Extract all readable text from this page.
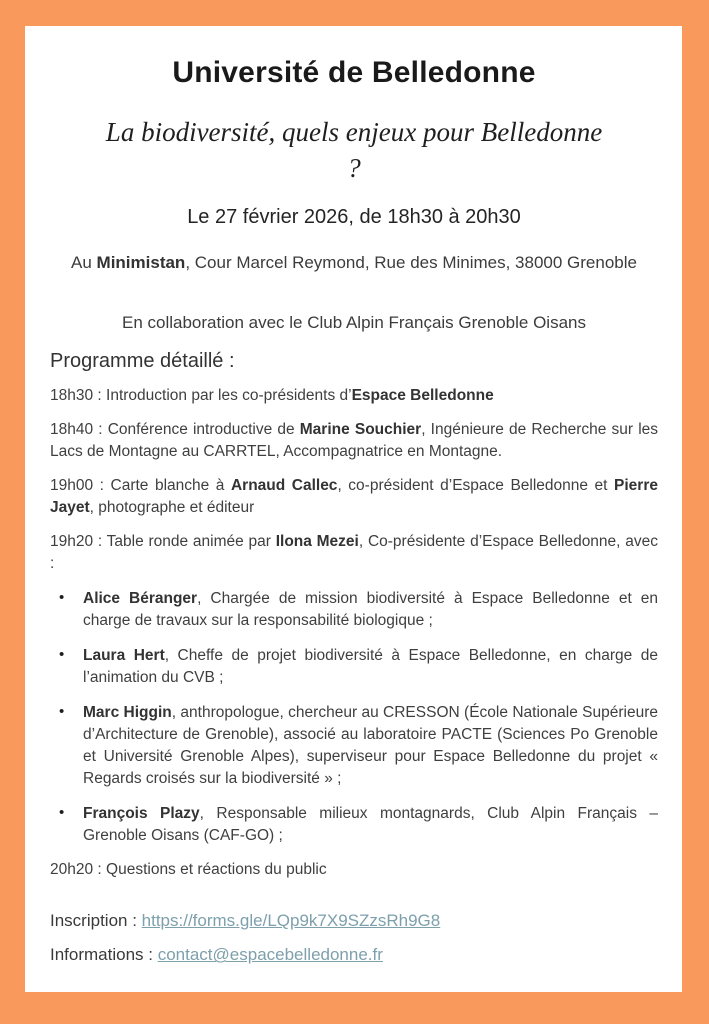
Université de Belledonne
La biodiversité, quels enjeux pour Belledonne ?
Le 27 février 2026, de 18h30 à 20h30
Au Minimistan, Cour Marcel Reymond, Rue des Minimes, 38000 Grenoble
En collaboration avec le Club Alpin Français Grenoble Oisans
Programme détaillé :

18h30 : Introduction par les co-présidents d’Espace Belledonne

18h40 : Conférence introductive de Marine Souchier, Ingénieure de Recherche sur les Lacs de Montagne au CARRTEL, Accompagnatrice en Montagne.

19h00 : Carte blanche à Arnaud Callec, co-président d’Espace Belledonne et Pierre Jayet, photographe et éditeur

19h20 : Table ronde animée par Ilona Mezei, Co-présidente d’Espace Belledonne, avec :

• Alice Béranger, Chargée de mission biodiversité à Espace Belledonne et en charge de travaux sur la responsabilité biologique ;
• Laura Hert, Cheffe de projet biodiversité à Espace Belledonne, en charge de l’animation du CVB ;
• Marc Higgin, anthropologue, chercheur au CRESSON (École Nationale Supérieure d’Architecture de Grenoble), associé au laboratoire PACTE (Sciences Po Grenoble et Université Grenoble Alpes), superviseur pour Espace Belledonne du projet « Regards croisés sur la biodiversité » ;
• François Plazy, Responsable milieux montagnards, Club Alpin Français – Grenoble Oisans (CAF-GO) ;

20h20 : Questions et réactions du public

Inscription : https://forms.gle/LQp9k7X9SZzsRh9G8
Informations : contact@espacebelledonne.fr
